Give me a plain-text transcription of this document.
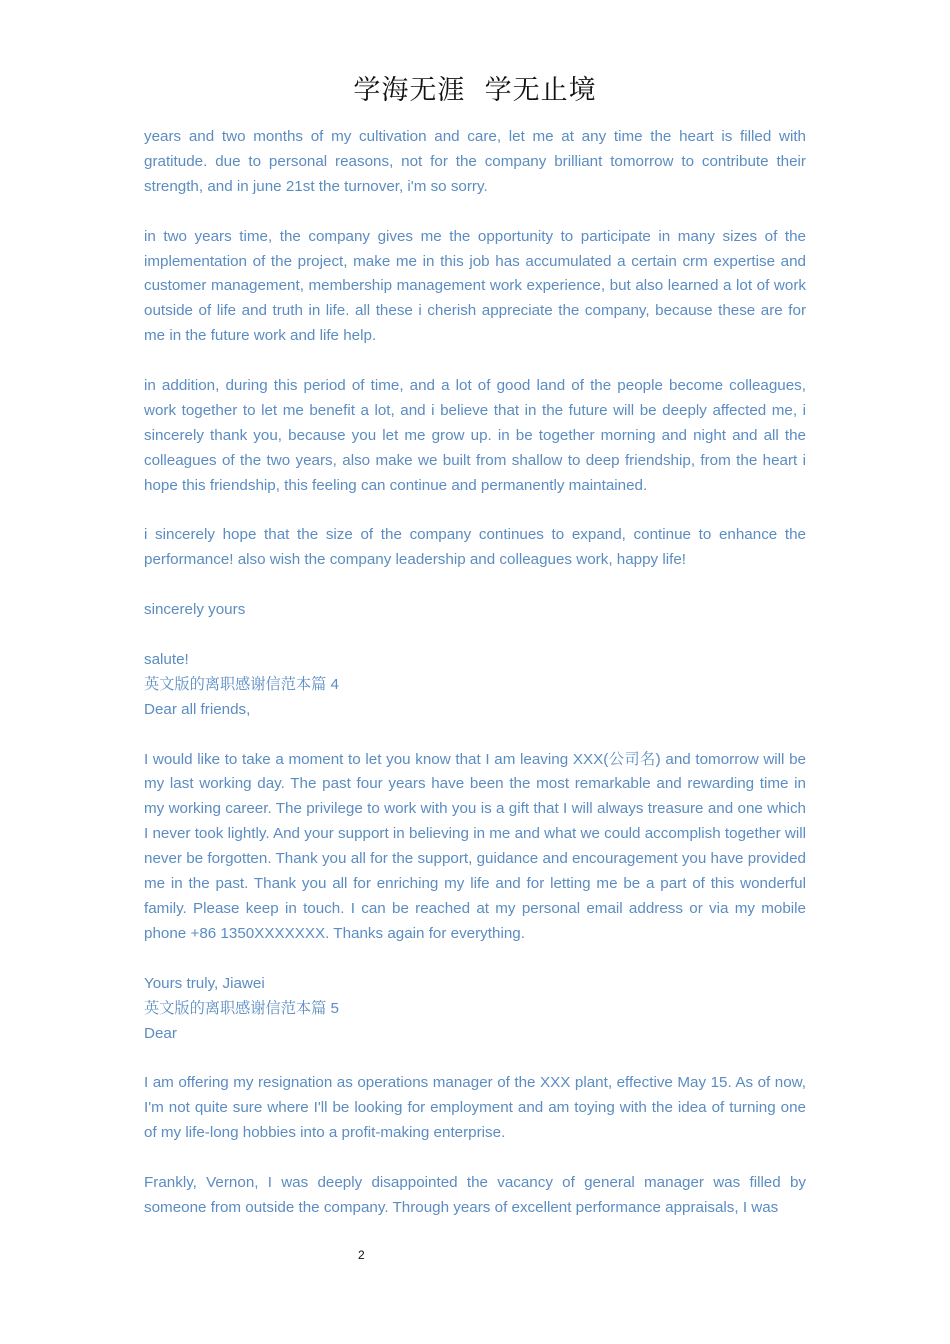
学海无涯  学无止境

years and two months of my cultivation and care, let me at any time the heart is filled with gratitude. due to personal reasons, not for the company brilliant tomorrow to contribute their strength, and in june 21st the turnover, i'm so sorry.

in two years time, the company gives me the opportunity to participate in many sizes of the implementation of the project, make me in this job has accumulated a certain crm expertise and customer management, membership management work experience, but also learned a lot of work outside of life and truth in life. all these i cherish appreciate the company, because these are for me in the future work and life help.

in addition, during this period of time, and a lot of good land of the people become colleagues, work together to let me benefit a lot, and i believe that in the future will be deeply affected me, i sincerely thank you, because you let me grow up. in be together morning and night and all the colleagues of the two years, also make we built from shallow to deep friendship, from the heart i hope this friendship, this feeling can continue and permanently maintained.

i sincerely hope that the size of the company continues to expand, continue to enhance the performance! also wish the company leadership and colleagues work, happy life!

sincerely yours

salute!

英文版的离职感谢信范本篇 4

Dear all friends,

I would like to take a moment to let you know that I am leaving XXX(公司名) and tomorrow will be my last working day. The past four years have been the most remarkable and rewarding time in my working career. The privilege to work with you is a gift that I will always treasure and one which I never took lightly. And your support in believing in me and what we could accomplish together will never be forgotten. Thank you all for the support, guidance and encouragement you have provided me in the past. Thank you all for enriching my life and for letting me be a part of this wonderful family. Please keep in touch. I can be reached at my personal email address or via my mobile phone +86 1350XXXXXXX. Thanks again for everything.

Yours truly, Jiawei

英文版的离职感谢信范本篇 5

Dear

I am offering my resignation as operations manager of the XXX plant, effective May 15. As of now, I'm not quite sure where I'll be looking for employment and am toying with the idea of turning one of my life-long hobbies into a profit-making enterprise.

Frankly, Vernon, I was deeply disappointed the vacancy of general manager was filled by someone from outside the company. Through years of excellent performance appraisals, I was

2
